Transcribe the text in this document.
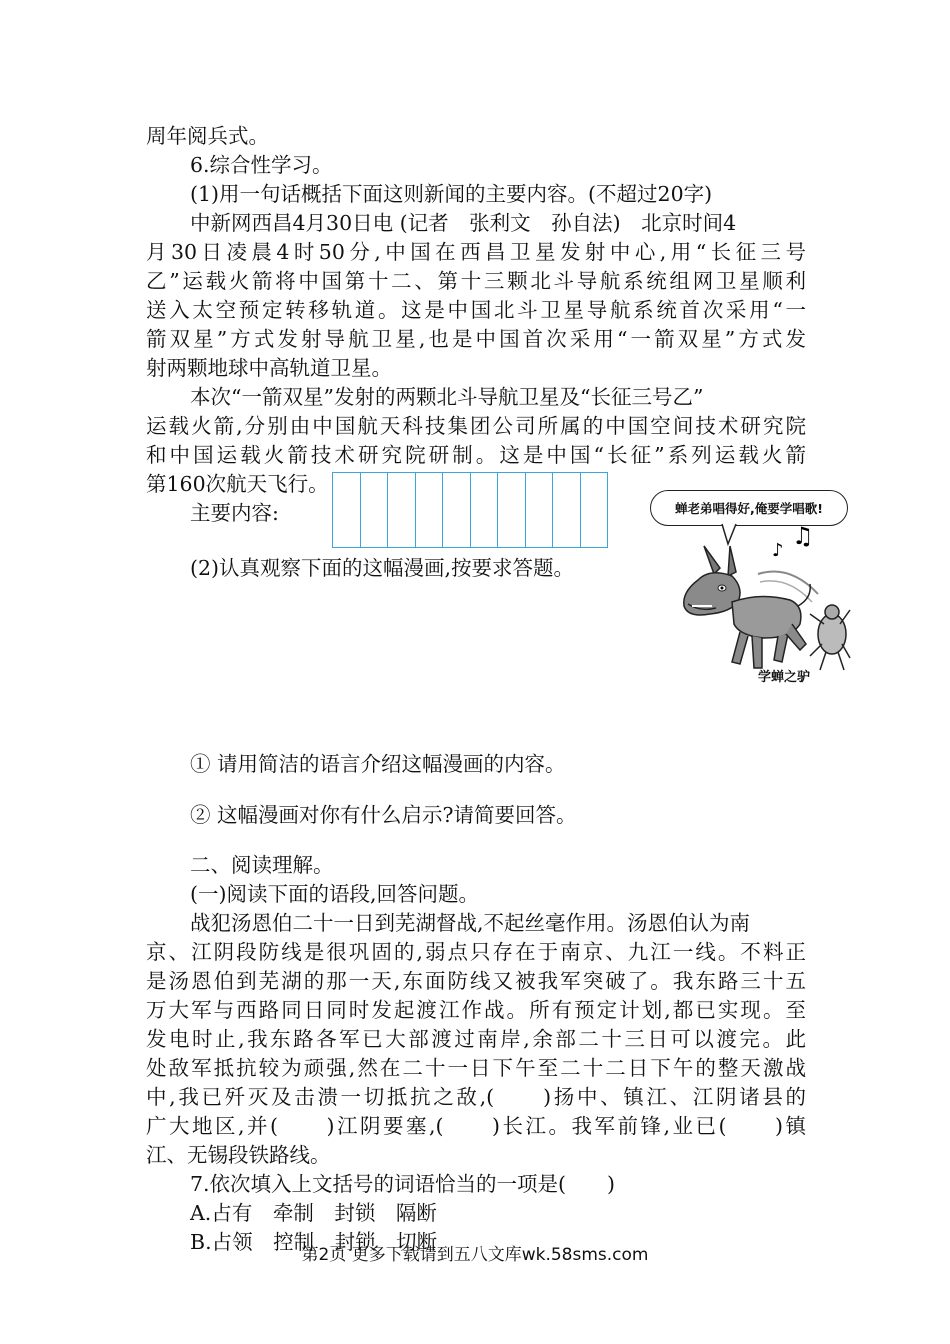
周年阅兵式。
6.综合性学习。
(1)用一句话概括下面这则新闻的主要内容。(不超过20字)
中新网西昌4月30日电 (记者　张利文　孙自法)　北京时间4
月30日凌晨4时50分,中国在西昌卫星发射中心,用“长征三号
乙”运载火箭将中国第十二、第十三颗北斗导航系统组网卫星顺利
送入太空预定转移轨道。这是中国北斗卫星导航系统首次采用“一
箭双星”方式发射导航卫星,也是中国首次采用“一箭双星”方式发
射两颗地球中高轨道卫星。
本次“一箭双星”发射的两颗北斗导航卫星及“长征三号乙”
运载火箭,分别由中国航天科技集团公司所属的中国空间技术研究院
和中国运载火箭技术研究院研制。这是中国“长征”系列运载火箭
第160次航天飞行。
主要内容:
(2)认真观察下面的这幅漫画,按要求答题。
蝉老弟唱得好,俺要学唱歌!
♪
♫
学蝉之驴
① 请用简洁的语言介绍这幅漫画的内容。
② 这幅漫画对你有什么启示?请简要回答。
二、阅读理解。
(一)阅读下面的语段,回答问题。
战犯汤恩伯二十一日到芜湖督战,不起丝毫作用。汤恩伯认为南
京、江阴段防线是很巩固的,弱点只存在于南京、九江一线。不料正
是汤恩伯到芜湖的那一天,东面防线又被我军突破了。我东路三十五
万大军与西路同日同时发起渡江作战。所有预定计划,都已实现。至
发电时止,我东路各军已大部渡过南岸,余部二十三日可以渡完。此
处敌军抵抗较为顽强,然在二十一日下午至二十二日下午的整天激战
中,我已歼灭及击溃一切抵抗之敌,(　　)扬中、镇江、江阴诸县的
广大地区,并(　　)江阴要塞,(　　)长江。我军前锋,业已(　　)镇
江、无锡段铁路线。
7.依次填入上文括号的词语恰当的一项是(　　)
A.占有　牵制　封锁　隔断
B.占领　控制　封锁　切断
第2页 更多下载请到五八文库wk.58sms.com
